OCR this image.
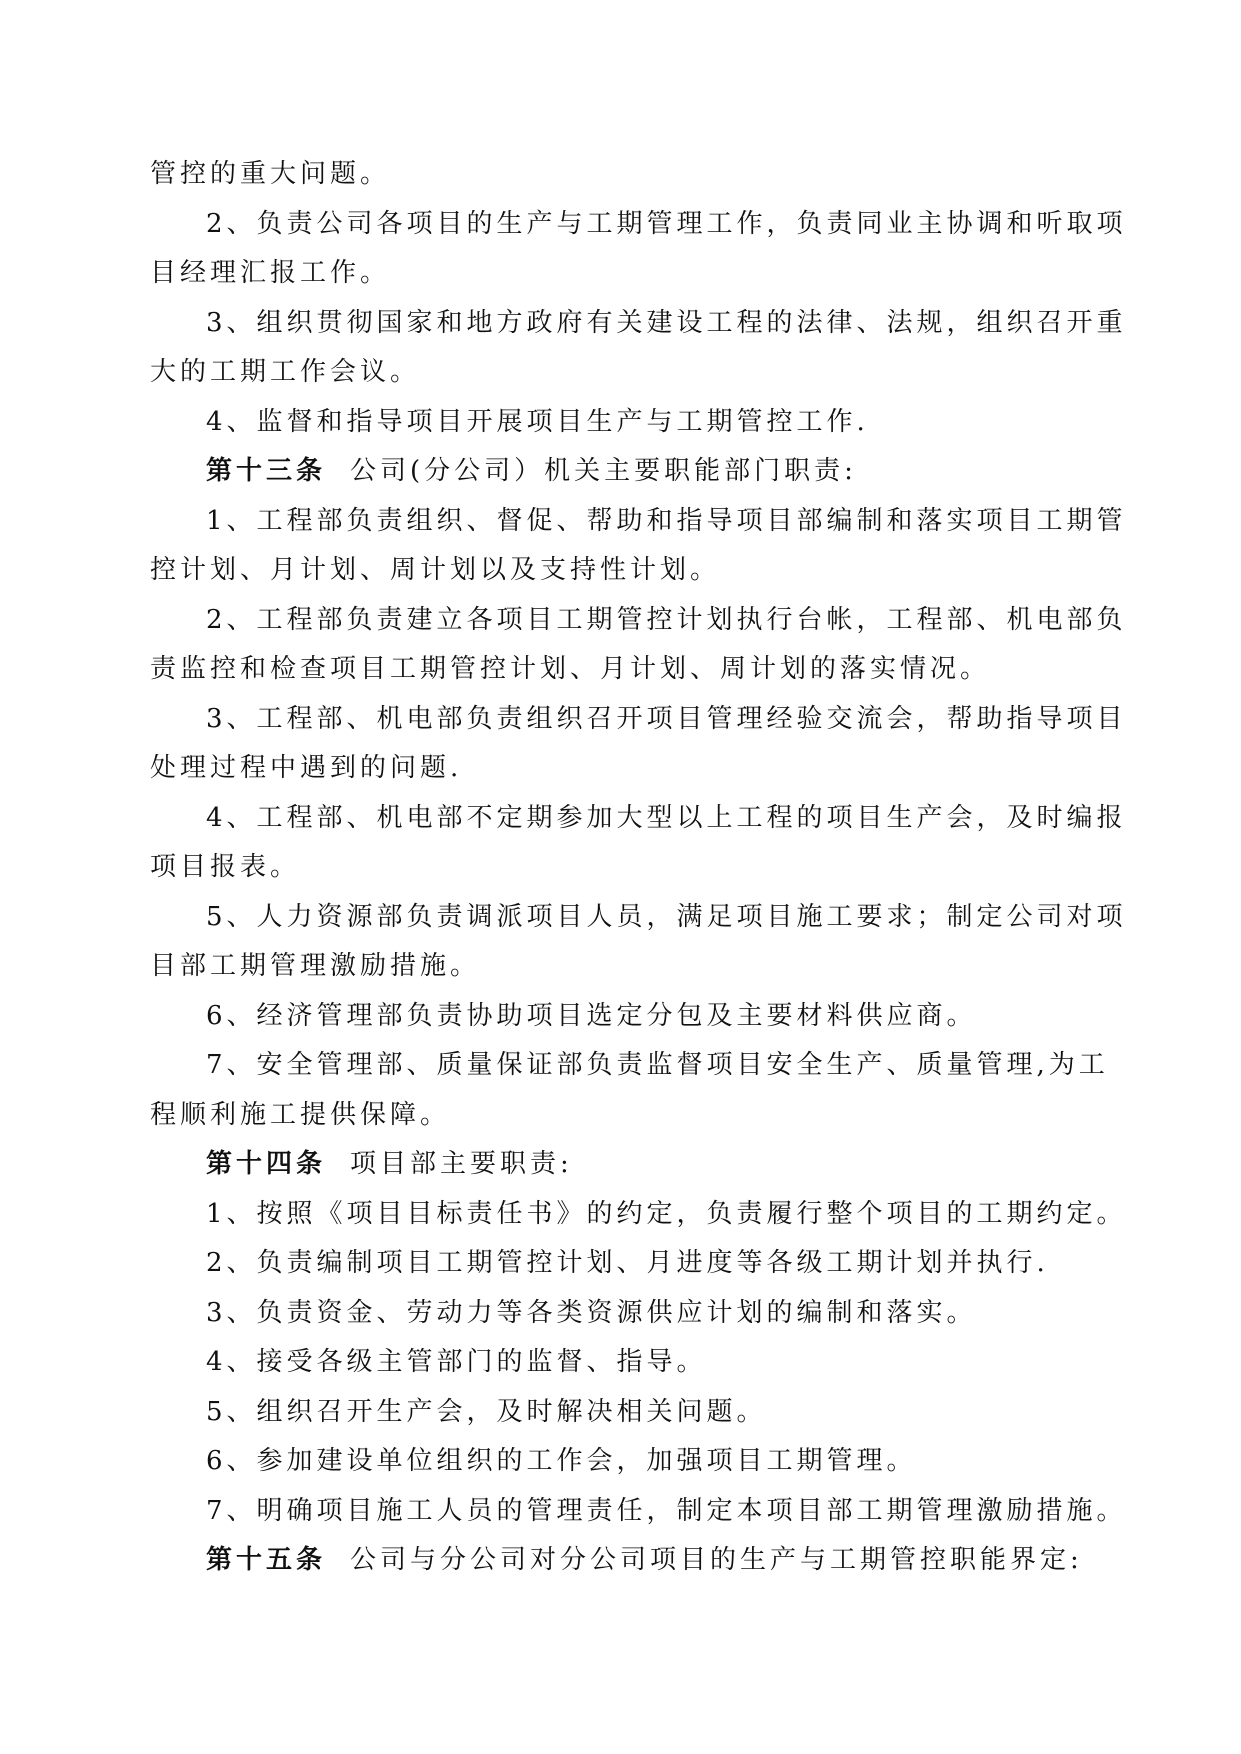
管控的重大问题。
2、负责公司各项目的生产与工期管理工作，负责同业主协调和听取项
目经理汇报工作。
3、组织贯彻国家和地方政府有关建设工程的法律、法规，组织召开重
大的工期工作会议。
4、监督和指导项目开展项目生产与工期管控工作.
第十三条 公司(分公司）机关主要职能部门职责:
1、工程部负责组织、督促、帮助和指导项目部编制和落实项目工期管
控计划、月计划、周计划以及支持性计划。
2、工程部负责建立各项目工期管控计划执行台帐，工程部、机电部负
责监控和检查项目工期管控计划、月计划、周计划的落实情况。
3、工程部、机电部负责组织召开项目管理经验交流会，帮助指导项目
处理过程中遇到的问题.
4、工程部、机电部不定期参加大型以上工程的项目生产会，及时编报
项目报表。
5、人力资源部负责调派项目人员，满足项目施工要求；制定公司对项
目部工期管理激励措施。
6、经济管理部负责协助项目选定分包及主要材料供应商。
7、安全管理部、质量保证部负责监督项目安全生产、质量管理,为工
程顺利施工提供保障。
第十四条 项目部主要职责:
1、按照《项目目标责任书》的约定，负责履行整个项目的工期约定。
2、负责编制项目工期管控计划、月进度等各级工期计划并执行.
3、负责资金、劳动力等各类资源供应计划的编制和落实。
4、接受各级主管部门的监督、指导。
5、组织召开生产会，及时解决相关问题。
6、参加建设单位组织的工作会，加强项目工期管理。
7、明确项目施工人员的管理责任，制定本项目部工期管理激励措施。
第十五条 公司与分公司对分公司项目的生产与工期管控职能界定:
